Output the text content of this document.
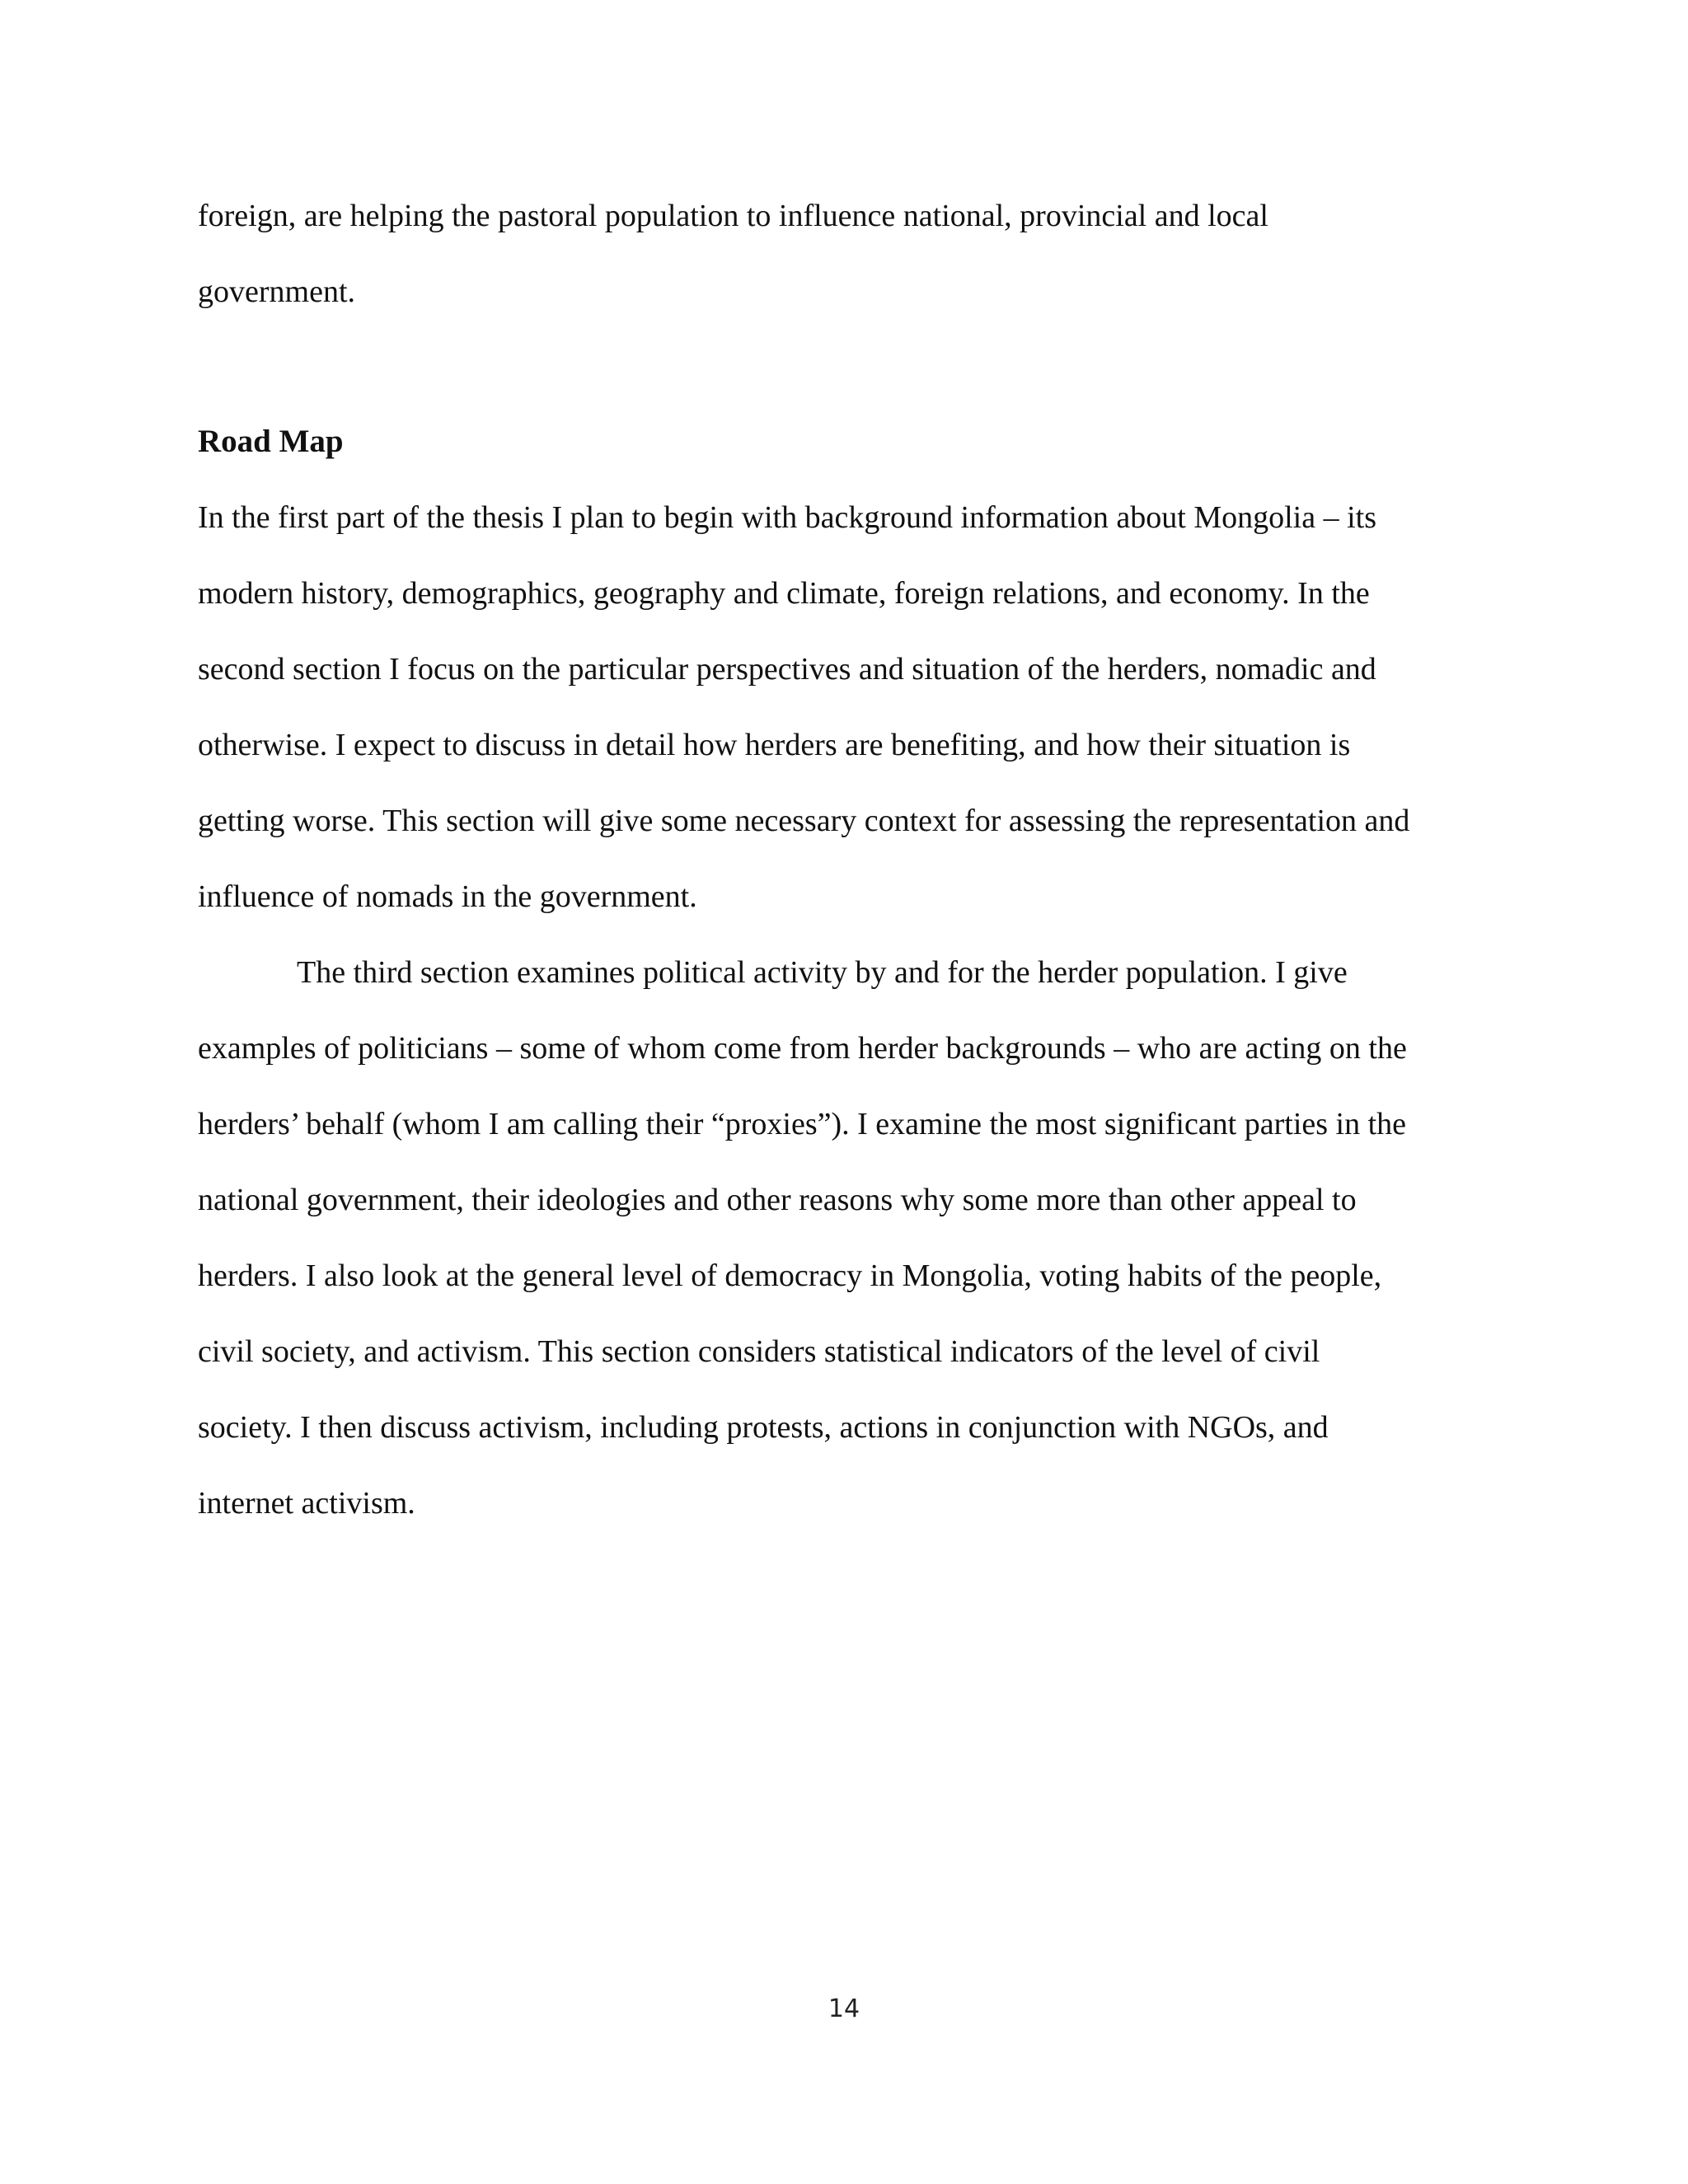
foreign, are helping the pastoral population to influence national, provincial and local
government.

Road Map

In the first part of the thesis I plan to begin with background information about Mongolia – its
modern history, demographics, geography and climate, foreign relations, and economy. In the
second section I focus on the particular perspectives and situation of the herders, nomadic and
otherwise. I expect to discuss in detail how herders are benefiting, and how their situation is
getting worse. This section will give some necessary context for assessing the representation and
influence of nomads in the government.

The third section examines political activity by and for the herder population. I give
examples of politicians – some of whom come from herder backgrounds – who are acting on the
herders’ behalf (whom I am calling their “proxies”). I examine the most significant parties in the
national government, their ideologies and other reasons why some more than other appeal to
herders. I also look at the general level of democracy in Mongolia, voting habits of the people,
civil society, and activism. This section considers statistical indicators of the level of civil
society. I then discuss activism, including protests, actions in conjunction with NGOs, and
internet activism.

14
